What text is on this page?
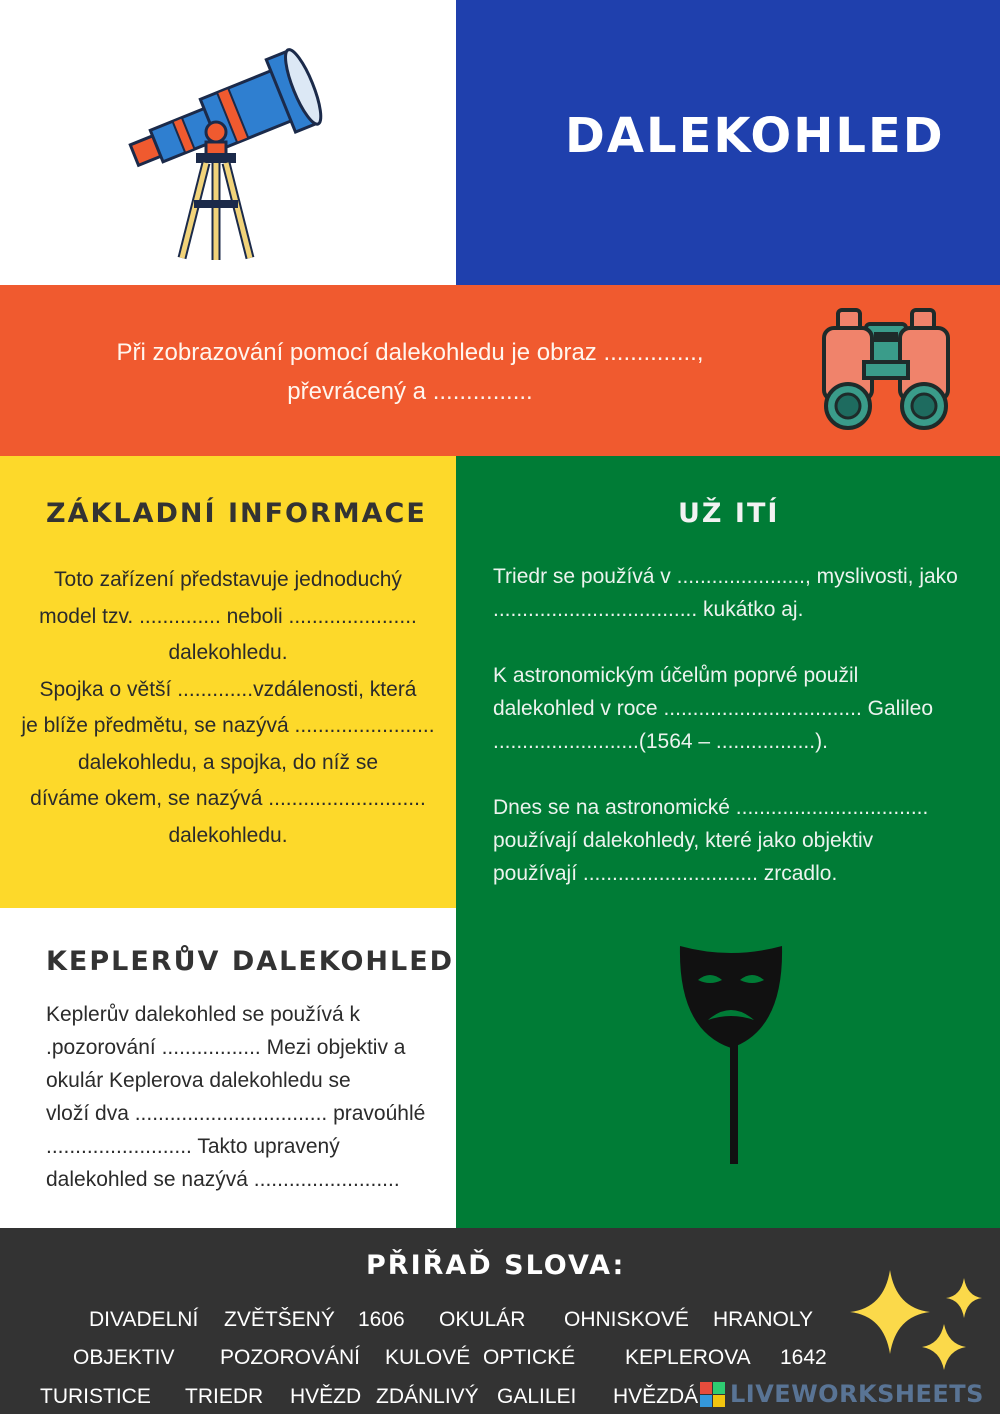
DALEKOHLED
Při zobrazování pomocí dalekohledu je obraz ..............,
převrácený a ...............
ZÁKLADNÍ INFORMACE
Toto zařízení představuje jednoduchý
model tzv. .............. neboli ......................
dalekohledu.
Spojka o větší .............vzdálenosti, která
je blíže předmětu, se nazývá ........................
dalekohledu, a spojka, do níž se
díváme okem, se nazývá ...........................
dalekohledu.
UŽ ITÍ
Triedr se používá v ......................, myslivosti, jako
................................... kukátko aj.
K astronomickým účelům poprvé použil
dalekohled v roce .................................. Galileo
.........................(1564 – .................).
Dnes se na astronomické .................................
používají dalekohledy, které jako objektiv
používají .............................. zrcadlo.
KEPLERŮV DALEKOHLED
Keplerův dalekohled se používá k
.pozorování ................. Mezi objektiv a
okulár Keplerova dalekohledu se
vloží dva ................................. pravoúhlé
......................... Takto upravený
dalekohled se nazývá .........................
PŘIŘAĎ SLOVA:
DIVADELNÍ ZVĚTŠENÝ 1606 OKULÁR OHNISKOVÉ HRANOLY
OBJEKTIV POZOROVÁNÍ KULOVÉ OPTICKÉ KEPLEROVA 1642
TURISTICE TRIEDR HVĚZD ZDÁNLIVÝ GALILEI HVĚZDÁ LIVEWORKSHEETS
